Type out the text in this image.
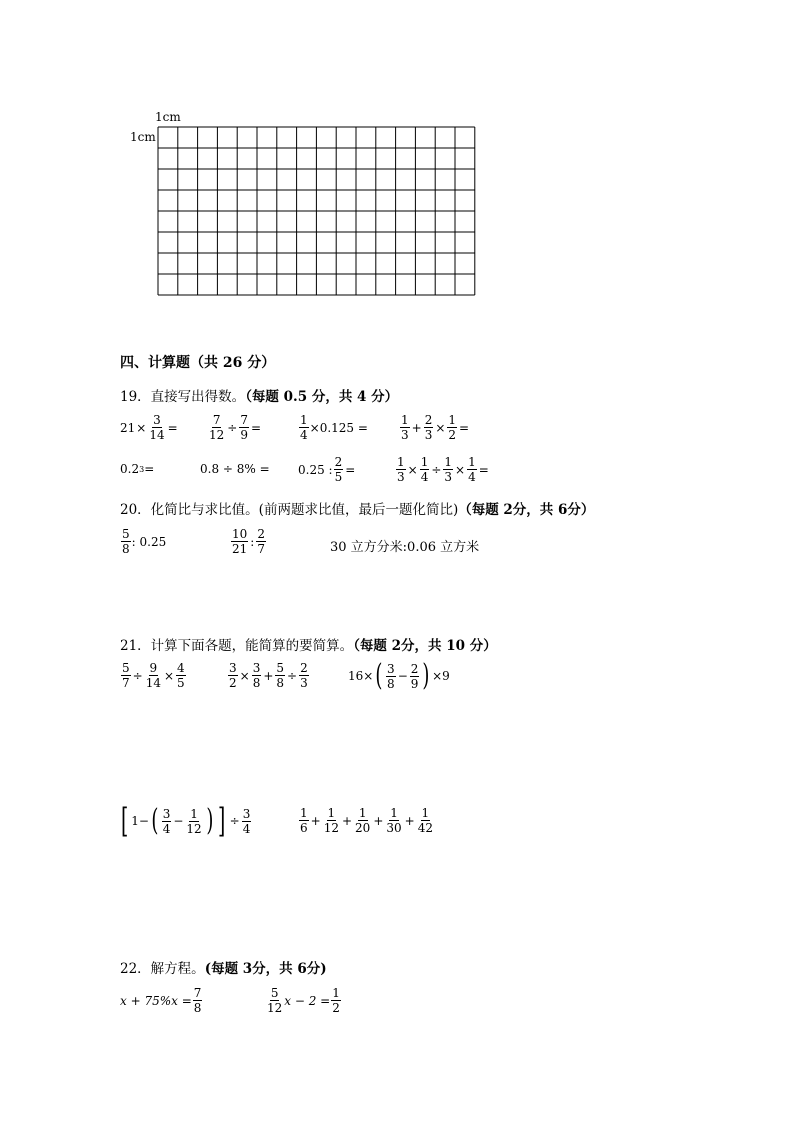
1cm
1cm
四、计算题（共 26 分）
19．直接写出得数。（每题 0.5 分，共 4 分）
$21 \times \frac{3}{14}$ =	$\frac{7}{12} \div \frac{7}{9}$ =	$\frac{1}{4} \times 0.125$ =	$\frac{1}{3} + \frac{2}{3} \times \frac{1}{2}$ =
0.2 3 =	0.8 ÷ 8% = 0.25 : $\frac{2}{5}$ =	$\frac{1}{3} \times \frac{1}{4} \div \frac{1}{3} \times \frac{1}{4}$ =
20．化简比与求比值。(前两题求比值，最后一题化简比)（每题 2分，共 6分）
$\frac{5}{8}$ : 0.25	$\frac{10}{21}$ : $\frac{2}{7}$	30 立方分米:0.06 立方米
21．计算下面各题，能简算的要简算。（每题 2分，共 10 分）
$\frac{5}{7} \div \frac{9}{14} \times \frac{4}{5}$	$\frac{3}{2} \times \frac{3}{8} + \frac{5}{8} \div \frac{2}{3}$	16× ( $\frac{3}{8} - \frac{2}{9}$ ) ×9
[ 1− ( $\frac{3}{4} - \frac{1}{12}$ ) ] ÷ $\frac{3}{4}$	$\frac{1}{6} + \frac{1}{12} + \frac{1}{20} + \frac{1}{30} + \frac{1}{42}$
22．解方程。(每题 3分，共 6分)
$x + 75\%x = \frac{7}{8}$	$\frac{5}{12}$ $x - 2 = \frac{1}{2}$
